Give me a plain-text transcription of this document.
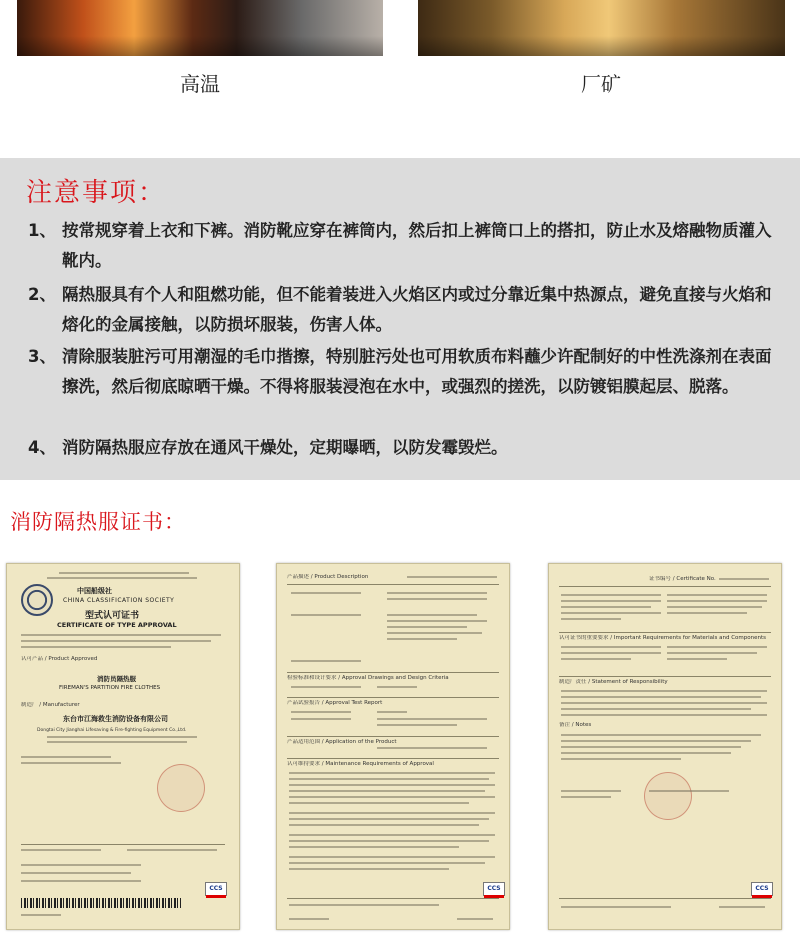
高温	厂矿
注意事项：
1、 按常规穿着上衣和下裤。消防靴应穿在裤筒内，然后扣上裤筒口上的搭扣，防止水及熔融物质灌入靴内。
2、 隔热服具有个人和阻燃功能，但不能着装进入火焰区内或过分靠近集中热源点，避免直接与火焰和熔化的金属接触，以防损坏服装，伤害人体。
3、 清除服装脏污可用潮湿的毛巾揩擦，特别脏污处也可用软质布料蘸少许配制好的中性洗涤剂在表面擦洗，然后彻底晾晒干燥。不得将服装浸泡在水中，或强烈的搓洗，以防镀铝膜起层、脱落。
4、 消防隔热服应存放在通风干燥处，定期曝晒，以防发霉毁烂。
消防隔热服证书：
中国船级社
CHINA CLASSIFICATION SOCIETY
型式认可证书
CERTIFICATE OF TYPE APPROVAL
认可产品 / Product Approved
消防员隔热服
FIREMAN'S PARTITION FIRE CLOTHES
制造厂 / Manufacturer
东台市江海救生消防设备有限公司
Dongtai City Jianghai Lifesaving & Fire-fighting Equipment Co.,Ltd.
CCS
产品描述 / Product Description
检验标准和设计要求 / Approval Drawings and Design Criteria
产品试验报告 / Approval Test Report
产品适用范围 / Application of the Product
认可维持要求 / Maintenance Requirements of Approval
CCS
证书编号 / Certificate No.
认可证书的重要要求 / Important Requirements for Materials and Components
制造厂责任 / Statement of Responsibility
备注 / Notes
CCS
